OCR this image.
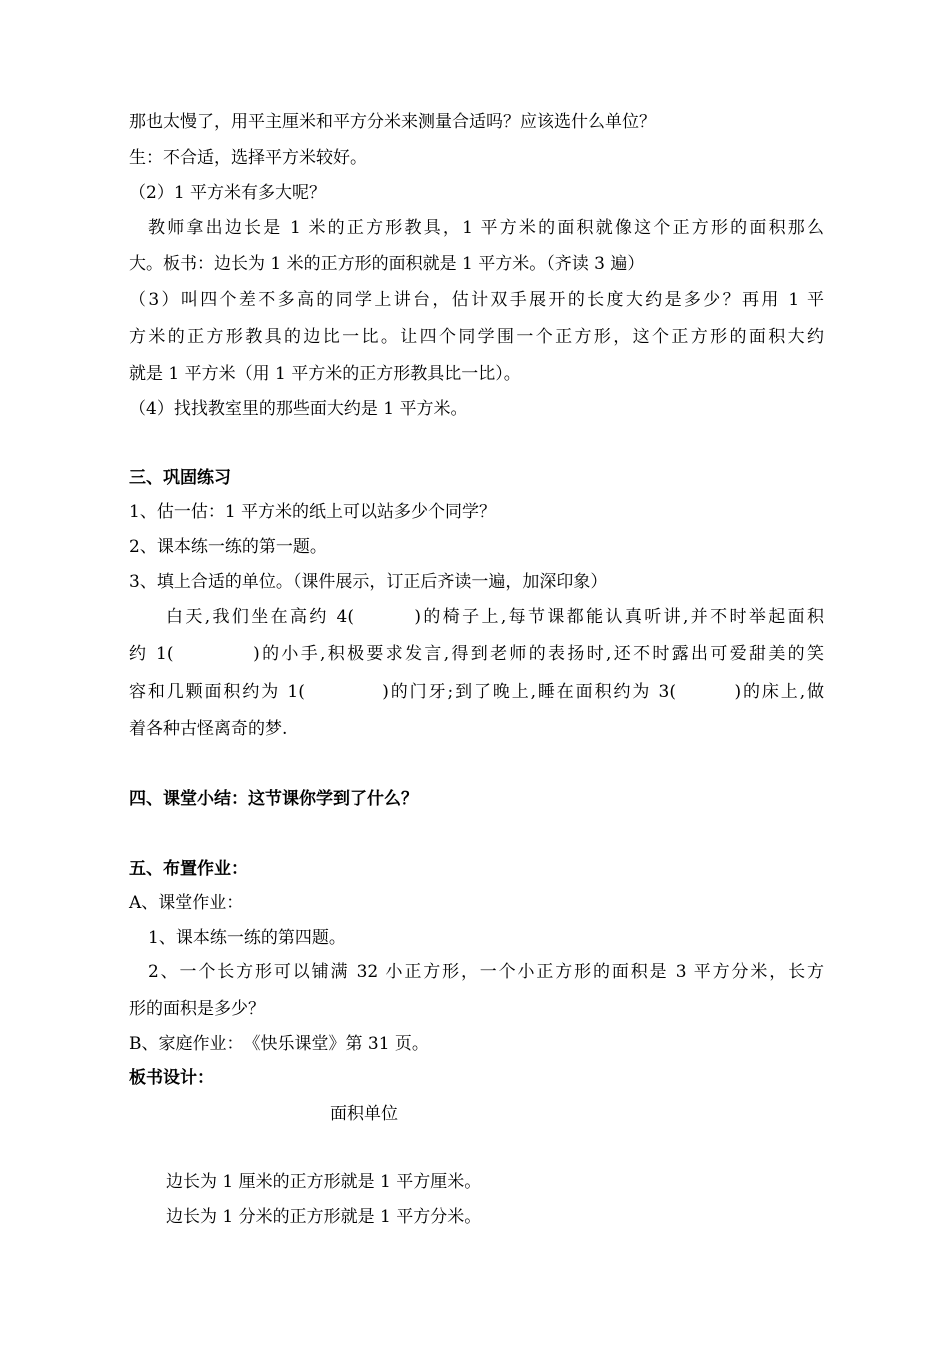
那也太慢了，用平主厘米和平方分米来测量合适吗？应该选什么单位？
生：不合适，选择平方米较好。
（2）1 平方米有多大呢？
教师拿出边长是 1 米的正方形教具，1 平方米的面积就像这个正方形的面积那么
大。板书：边长为 1 米的正方形的面积就是 1 平方米。（齐读 3 遍）
（3）叫四个差不多高的同学上讲台，估计双手展开的长度大约是多少？再用 1 平
方米的正方形教具的边比一比。让四个同学围一个正方形，这个正方形的面积大约
就是 1 平方米（用 1 平方米的正方形教具比一比）。
（4）找找教室里的那些面大约是 1 平方米。
三、巩固练习
1、估一估：1 平方米的纸上可以站多少个同学？
2、课本练一练的第一题。
3、填上合适的单位。（课件展示，订正后齐读一遍，加深印象）
白天,我们坐在高约 4(　　　)的椅子上,每节课都能认真听讲,并不时举起面积
约 1(　　　　)的小手,积极要求发言,得到老师的表扬时,还不时露出可爱甜美的笑
容和几颗面积约为 1(　　　　)的门牙;到了晚上,睡在面积约为 3(　　　)的床上,做
着各种古怪离奇的梦.
四、课堂小结：这节课你学到了什么？
五、布置作业：
A、课堂作业：
1、课本练一练的第四题。
2、一个长方形可以铺满 32 小正方形，一个小正方形的面积是 3 平方分米，长方
形的面积是多少？
B、家庭作业：　《快乐课堂》第 31 页。
板书设计：
面积单位
边长为 1 厘米的正方形就是 1 平方厘米。
边长为 1 分米的正方形就是 1 平方分米。
